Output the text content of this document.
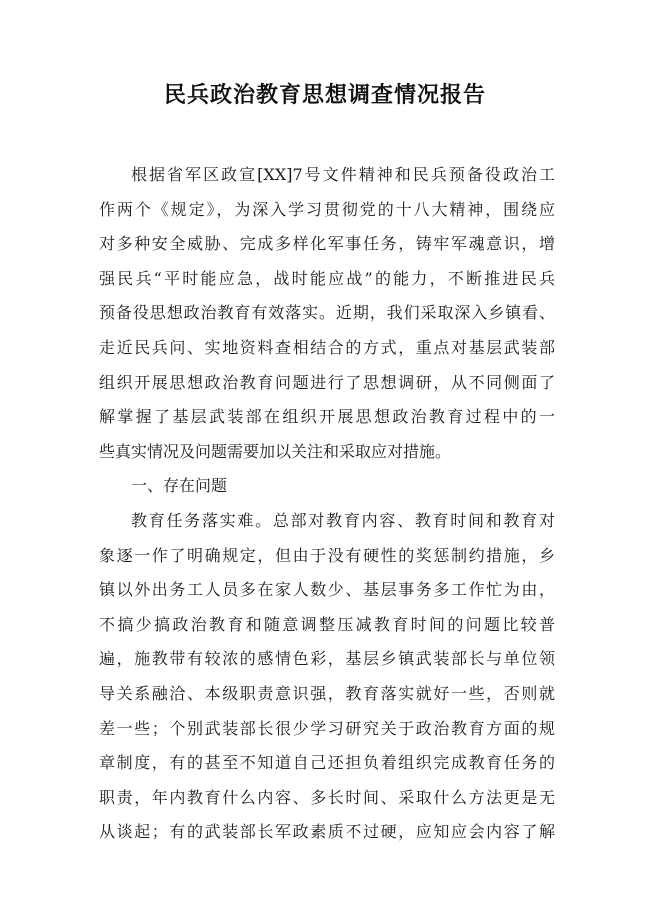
民兵政治教育思想调查情况报告
根据省军区政宣[XX]7号文件精神和民兵预备役政治工
作两个《规定》，为深入学习贯彻党的十八大精神，围绕应
对多种安全威胁、完成多样化军事任务，铸牢军魂意识，增
强民兵“平时能应急，战时能应战”的能力，不断推进民兵
预备役思想政治教育有效落实。近期，我们采取深入乡镇看、
走近民兵问、实地资料查相结合的方式，重点对基层武装部
组织开展思想政治教育问题进行了思想调研，从不同侧面了
解掌握了基层武装部在组织开展思想政治教育过程中的一
些真实情况及问题需要加以关注和采取应对措施。
一、存在问题
教育任务落实难。总部对教育内容、教育时间和教育对
象逐一作了明确规定，但由于没有硬性的奖惩制约措施，乡
镇以外出务工人员多在家人数少、基层事务多工作忙为由，
不搞少搞政治教育和随意调整压减教育时间的问题比较普
遍，施教带有较浓的感情色彩，基层乡镇武装部长与单位领
导关系融洽、本级职责意识强，教育落实就好一些，否则就
差一些；个别武装部长很少学习研究关于政治教育方面的规
章制度，有的甚至不知道自己还担负着组织完成教育任务的
职责，年内教育什么内容、多长时间、采取什么方法更是无
从谈起；有的武装部长军政素质不过硬，应知应会内容了解
